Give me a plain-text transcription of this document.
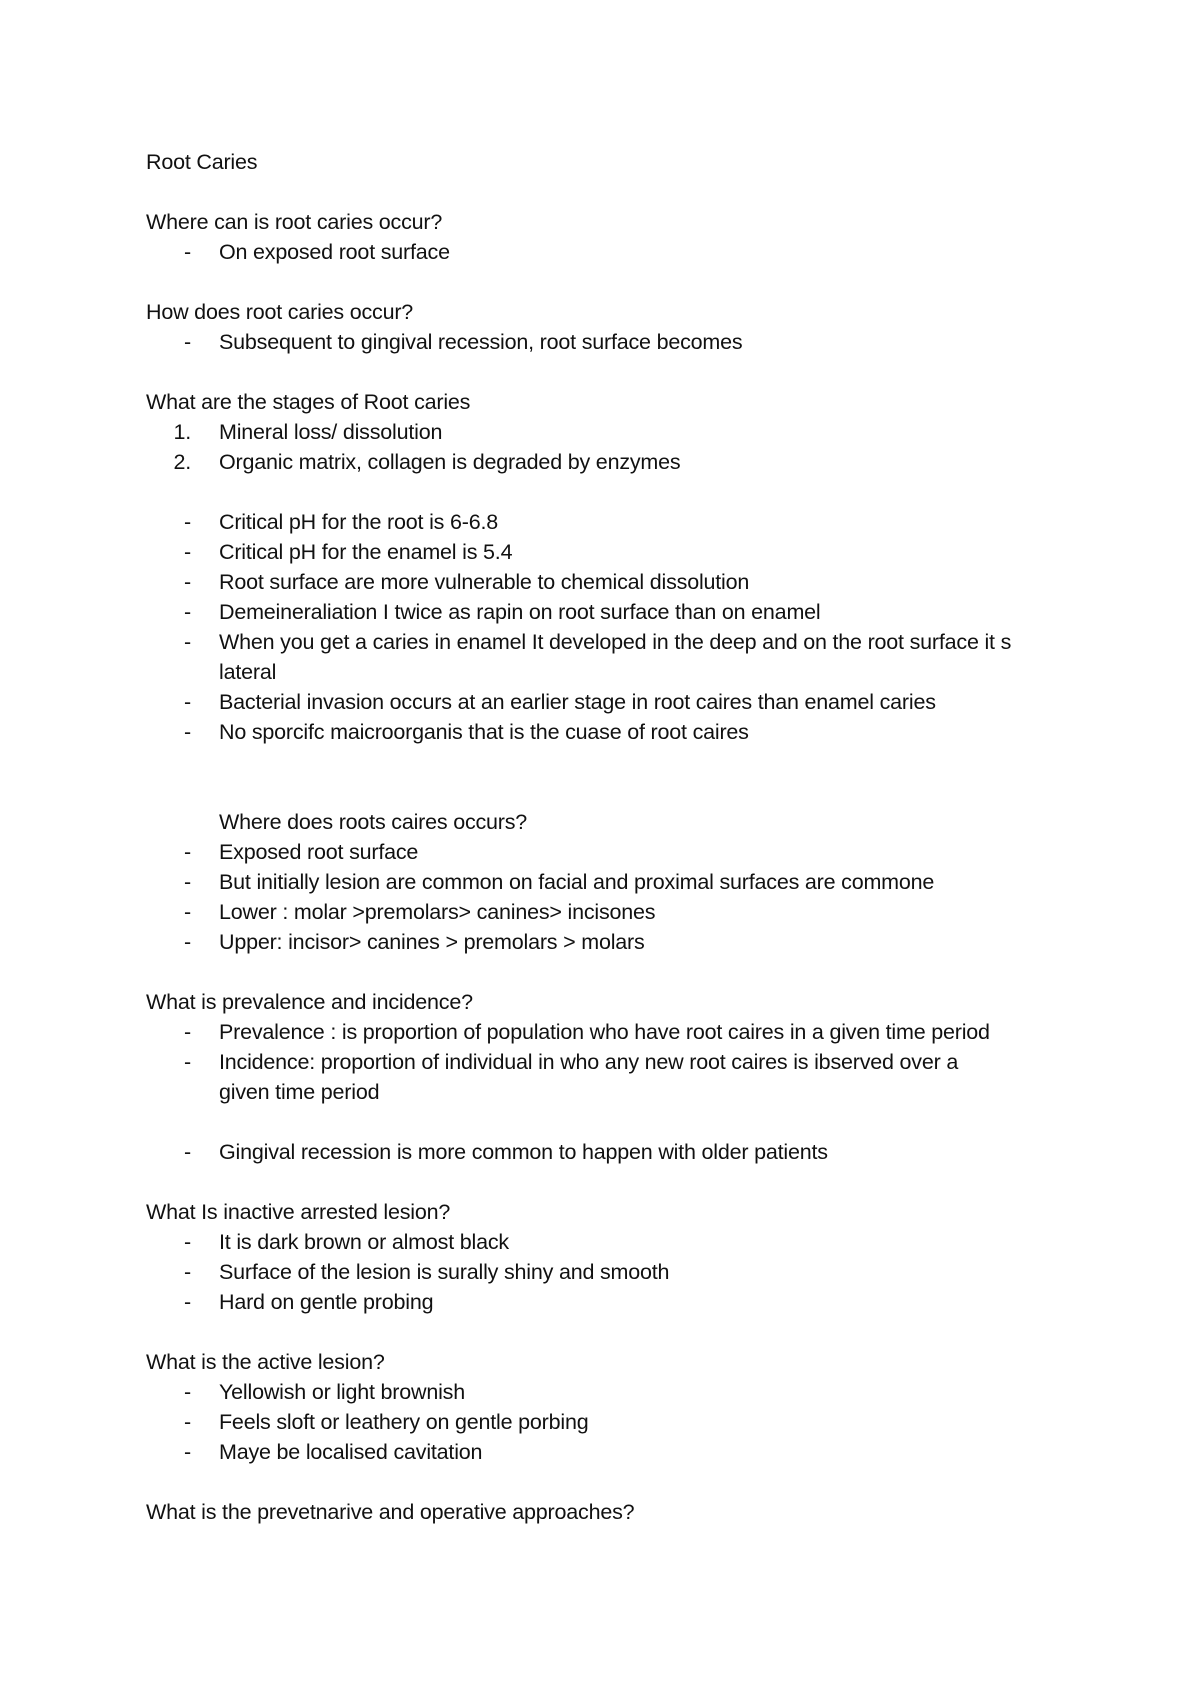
Root Caries
Where can is root caries occur?
-	On exposed root surface
How does root caries occur?
-	Subsequent to gingival recession, root surface becomes
What are the stages of Root caries
1. Mineral loss/ dissolution
2. Organic matrix, collagen is degraded by enzymes
-	Critical pH for the root is 6-6.8
-	Critical pH for the enamel is 5.4
-	Root surface are more vulnerable to chemical dissolution
-	Demeineraliation I twice as rapin on root surface than on enamel
-	When you get a caries in enamel It developed in the deep and on the root surface it s
lateral
-	Bacterial invasion occurs at an earlier stage in root caires than enamel caries
-	No sporcifc maicroorganis that is the cuase of root caires
Where does roots caires occurs?
-	Exposed root surface
-	But initially lesion are common on facial and proximal surfaces are commone
-	Lower : molar >premolars> canines> incisones
-	Upper: incisor> canines > premolars > molars
What is prevalence and incidence?
-	Prevalence : is proportion of population who have root caires in a given time period
-	Incidence: proportion of individual in who any new root caires is ibserved over a
given time period
-	Gingival recession is more common to happen with older patients
What Is inactive arrested lesion?
-	It is dark brown or almost black
-	Surface of the lesion is surally shiny and smooth
-	Hard on gentle probing
What is the active lesion?
-	Yellowish or light brownish
-	Feels sloft or leathery on gentle porbing
-	Maye be localised cavitation
What is the prevetnarive and operative approaches?
